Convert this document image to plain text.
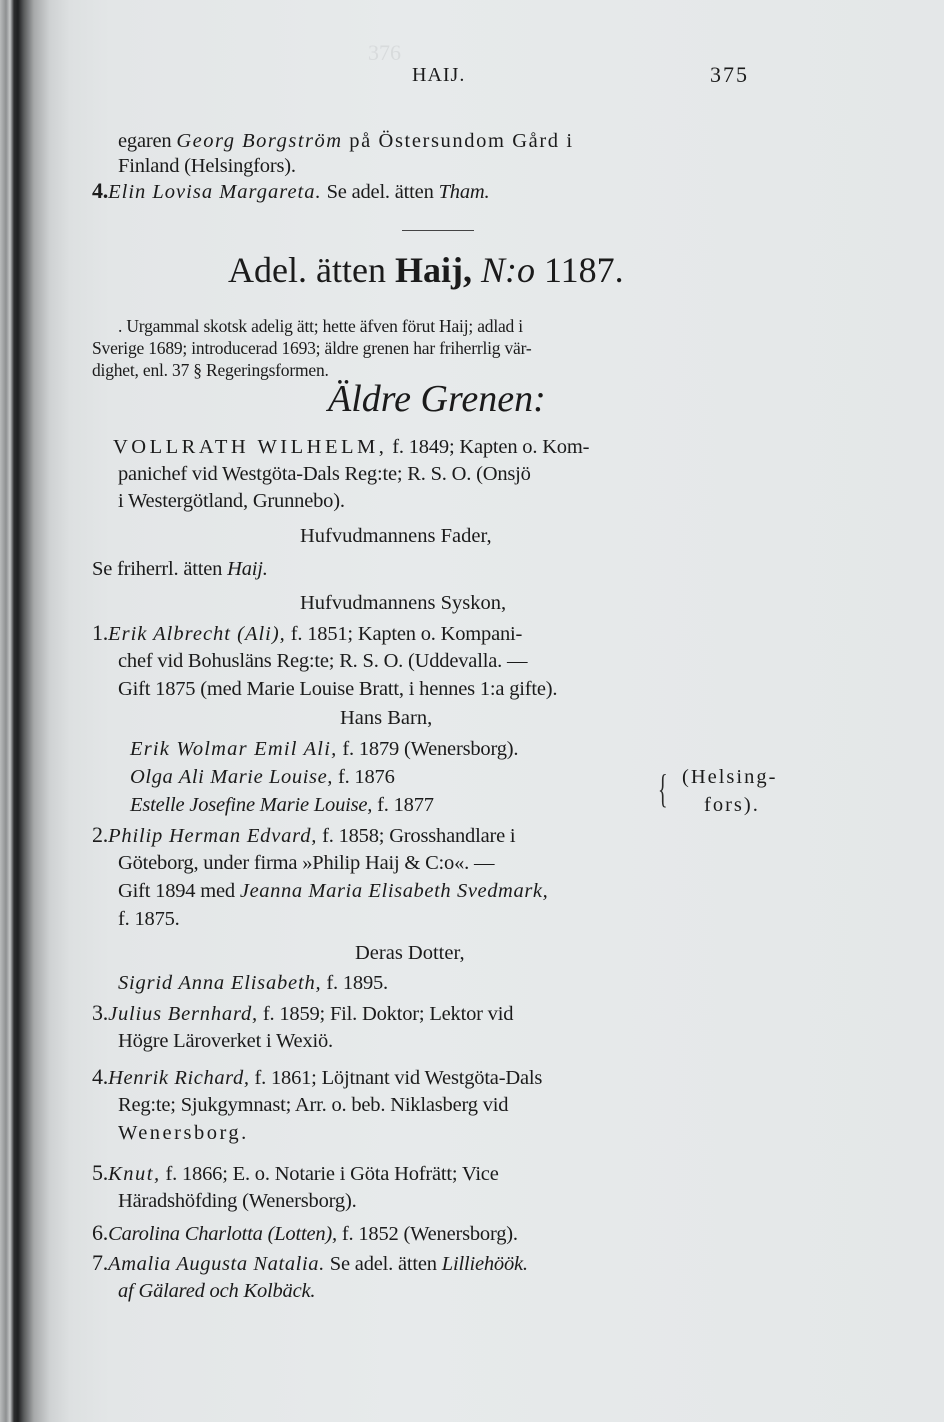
376
HAIJ.	375
egaren Georg Borgström på Östersundom Gård i
Finland (Helsingfors).
4.Elin Lovisa Margareta. Se adel. ätten Tham.
Adel. ätten Haij, N:o 1187.
. Urgammal skotsk adelig ätt; hette äfven förut Haij; adlad i
Sverige 1689; introducerad 1693; äldre grenen har friherrlig vär-
dighet, enl. 37 § Regeringsformen.
Äldre Grenen:
VOLLRATH WILHELM, f. 1849; Kapten o. Kom-
panichef vid Westgöta-Dals Reg:te; R. S. O. (Onsjö
i Westergötland, Grunnebo).
Hufvudmannens Fader,
Se friherrl. ätten Haij.
Hufvudmannens Syskon,
1.Erik Albrecht (Ali), f. 1851; Kapten o. Kompani-
chef vid Bohusläns Reg:te; R. S. O. (Uddevalla. —
Gift 1875 (med Marie Louise Bratt, i hennes 1:a gifte).
Hans Barn,
Erik Wolmar Emil Ali, f. 1879 (Wenersborg).
Olga Ali Marie Louise, f. 1876
Estelle Josefine Marie Louise, f. 1877	{ (Helsing-
fors).
2.Philip Herman Edvard, f. 1858; Grosshandlare i
Göteborg, under firma »Philip Haij & C:o«. —
Gift 1894 med Jeanna Maria Elisabeth Svedmark,
f. 1875.
Deras Dotter,
Sigrid Anna Elisabeth, f. 1895.
3.Julius Bernhard, f. 1859; Fil. Doktor; Lektor vid
Högre Läroverket i Wexiö.
4.Henrik Richard, f. 1861; Löjtnant vid Westgöta-Dals
Reg:te; Sjukgymnast; Arr. o. beb. Niklasberg vid
Wenersborg.
5.Knut, f. 1866; E. o. Notarie i Göta Hofrätt; Vice
Häradshöfding (Wenersborg).
6.Carolina Charlotta (Lotten), f. 1852 (Wenersborg).
7.Amalia Augusta Natalia. Se adel. ätten Lilliehöök.
af Gälared och Kolbäck.
